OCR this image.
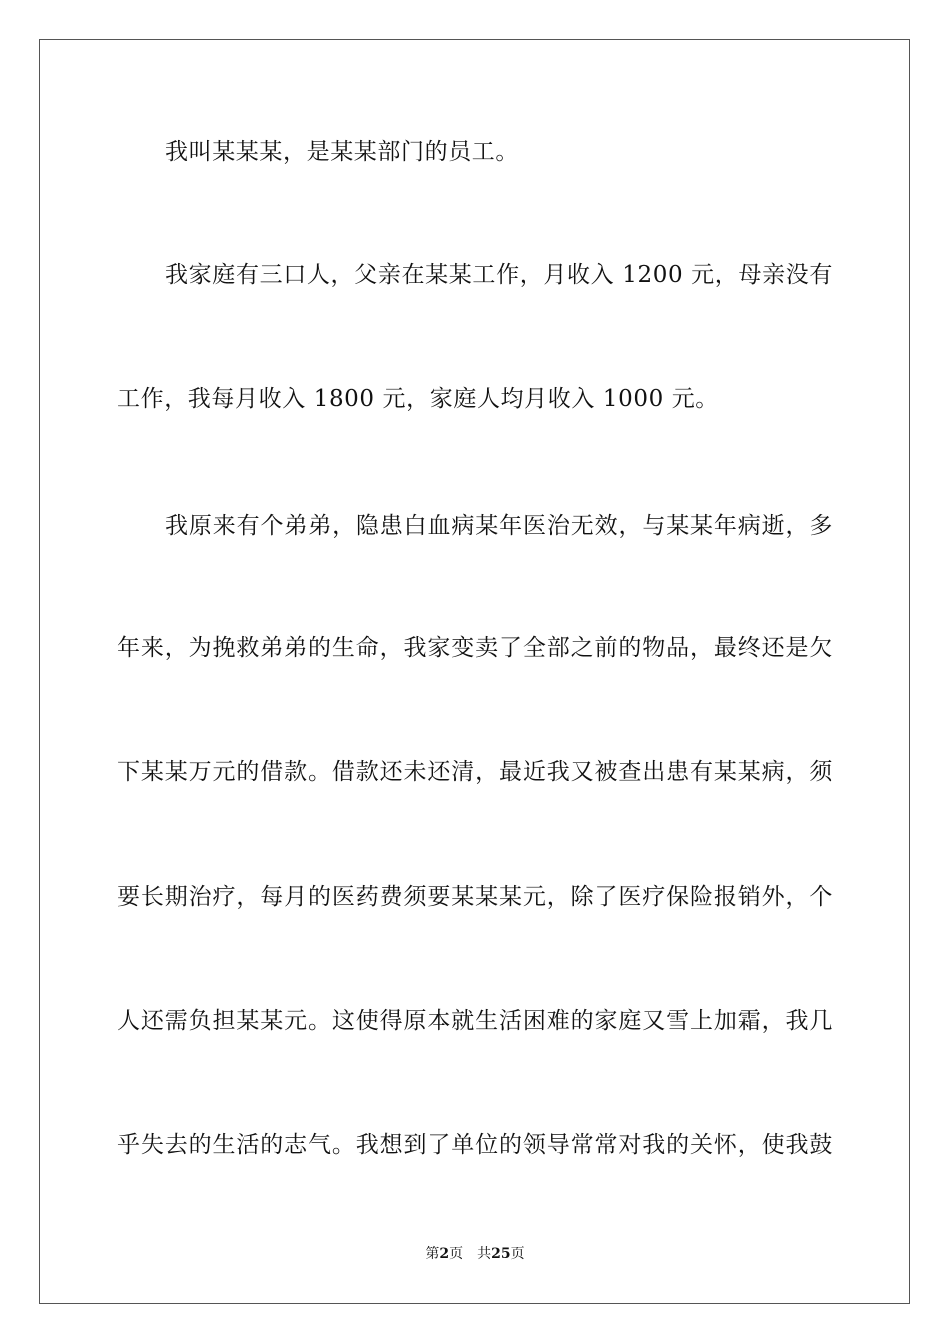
我叫某某某，是某某部门的员工。
我家庭有三口人，父亲在某某工作，月收入 1200 元，母亲没有
工作，我每月收入 1800 元，家庭人均月收入 1000 元。
我原来有个弟弟，隐患白血病某年医治无效，与某某年病逝，多
年来，为挽救弟弟的生命，我家变卖了全部之前的物品，最终还是欠
下某某万元的借款。借款还未还清，最近我又被查出患有某某病，须
要长期治疗，每月的医药费须要某某某元，除了医疗保险报销外，个
人还需负担某某元。这使得原本就生活困难的家庭又雪上加霜，我几
乎失去的生活的志气。我想到了单位的领导常常对我的关怀，使我鼓
第2页 共25页
